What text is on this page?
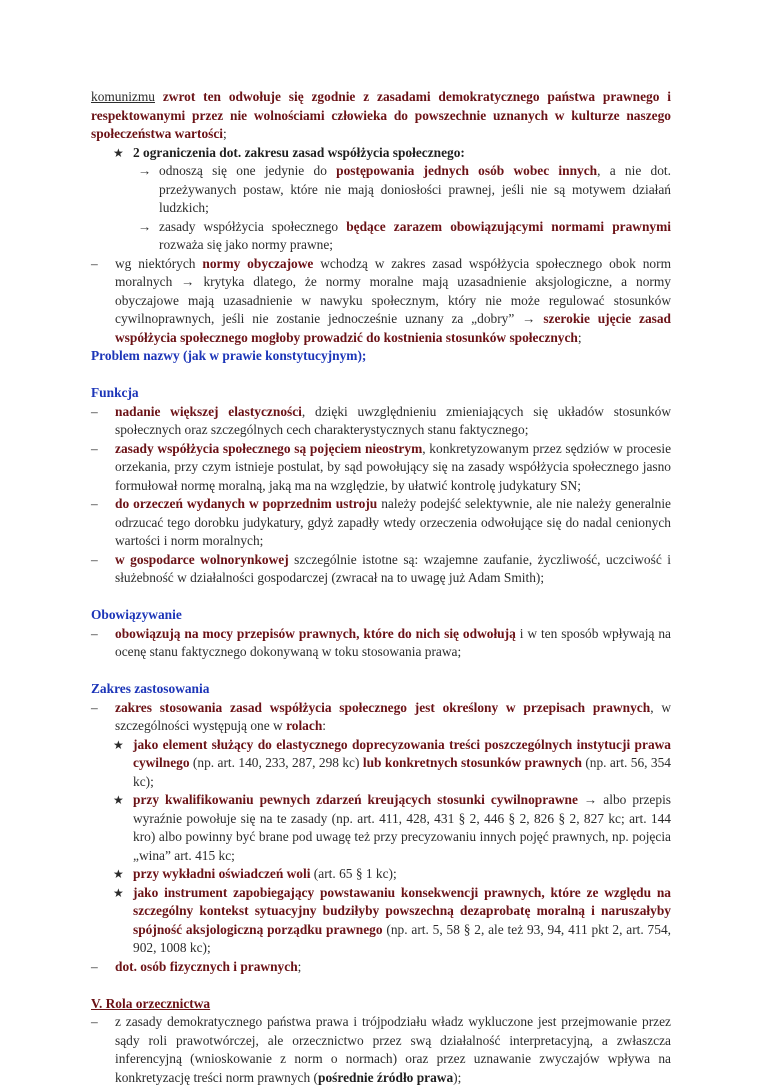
komunizmu zwrot ten odwołuje się zgodnie z zasadami demokratycznego państwa prawnego i respektowanymi przez nie wolnościami człowieka do powszechnie uznanych w kulturze naszego społeczeństwa wartości;
★ 2 ograniczenia dot. zakresu zasad współżycia społecznego:
→ odnoszą się one jedynie do postępowania jednych osób wobec innych, a nie dot. przeżywanych postaw, które nie mają doniosłości prawnej, jeśli nie są motywem działań ludzkich;
→ zasady współżycia społecznego będące zarazem obowiązującymi normami prawnymi rozważa się jako normy prawne;
– wg niektórych normy obyczajowe wchodzą w zakres zasad współżycia społecznego obok norm moralnych → krytyka dlatego, że normy moralne mają uzasadnienie aksjologiczne, a normy obyczajowe mają uzasadnienie w nawyku społecznym, który nie może regulować stosunków cywilnoprawnych, jeśli nie zostanie jednocześnie uznany za „dobry” → szerokie ujęcie zasad współżycia społecznego mogłoby prowadzić do kostnienia stosunków społecznych;
Problem nazwy (jak w prawie konstytucyjnym);
Funkcja
– nadanie większej elastyczności, dzięki uwzględnieniu zmieniających się układów stosunków społecznych oraz szczególnych cech charakterystycznych stanu faktycznego;
– zasady współżycia społecznego są pojęciem nieostrym, konkretyzowanym przez sędziów w procesie orzekania, przy czym istnieje postulat, by sąd powołujący się na zasady współżycia społecznego jasno formułował normę moralną, jaką ma na względzie, by ułatwić kontrolę judykatury SN;
– do orzeczeń wydanych w poprzednim ustroju należy podejść selektywnie, ale nie należy generalnie odrzucać tego dorobku judykatury, gdyż zapadły wtedy orzeczenia odwołujące się do nadal cenionych wartości i norm moralnych;
– w gospodarce wolnorynkowej szczególnie istotne są: wzajemne zaufanie, życzliwość, uczciwość i służebność w działalności gospodarczej (zwracał na to uwagę już Adam Smith);
Obowiązywanie
– obowiązują na mocy przepisów prawnych, które do nich się odwołują i w ten sposób wpływają na ocenę stanu faktycznego dokonywaną w toku stosowania prawa;
Zakres zastosowania
– zakres stosowania zasad współżycia społecznego jest określony w przepisach prawnych, w szczególności występują one w rolach:
★ jako element służący do elastycznego doprecyzowania treści poszczególnych instytucji prawa cywilnego (np. art. 140, 233, 287, 298 kc) lub konkretnych stosunków prawnych (np. art. 56, 354 kc);
★ przy kwalifikowaniu pewnych zdarzeń kreujących stosunki cywilnoprawne → albo przepis wyraźnie powołuje się na te zasady (np. art. 411, 428, 431 § 2, 446 § 2, 826 § 2, 827 kc; art. 144 kro) albo powinny być brane pod uwagę też przy precyzowaniu innych pojęć prawnych, np. pojęcia „wina” art. 415 kc;
★ przy wykładni oświadczeń woli (art. 65 § 1 kc);
★ jako instrument zapobiegający powstawaniu konsekwencji prawnych, które ze względu na szczególny kontekst sytuacyjny budziłyby powszechną dezaprobatę moralną i naruszałyby spójność aksjologiczną porządku prawnego (np. art. 5, 58 § 2, ale też 93, 94, 411 pkt 2, art. 754, 902, 1008 kc);
– dot. osób fizycznych i prawnych;
V. Rola orzecznictwa
– z zasady demokratycznego państwa prawa i trójpodziału władz wykluczone jest przejmowanie przez sądy roli prawotwórczej, ale orzecznictwo przez swą działalność interpretacyjną, a zwłaszcza inferencyjną (wnioskowanie z norm o normach) oraz przez uznawanie zwyczajów wpływa na konkretyzację treści norm prawnych (pośrednie źródło prawa);
